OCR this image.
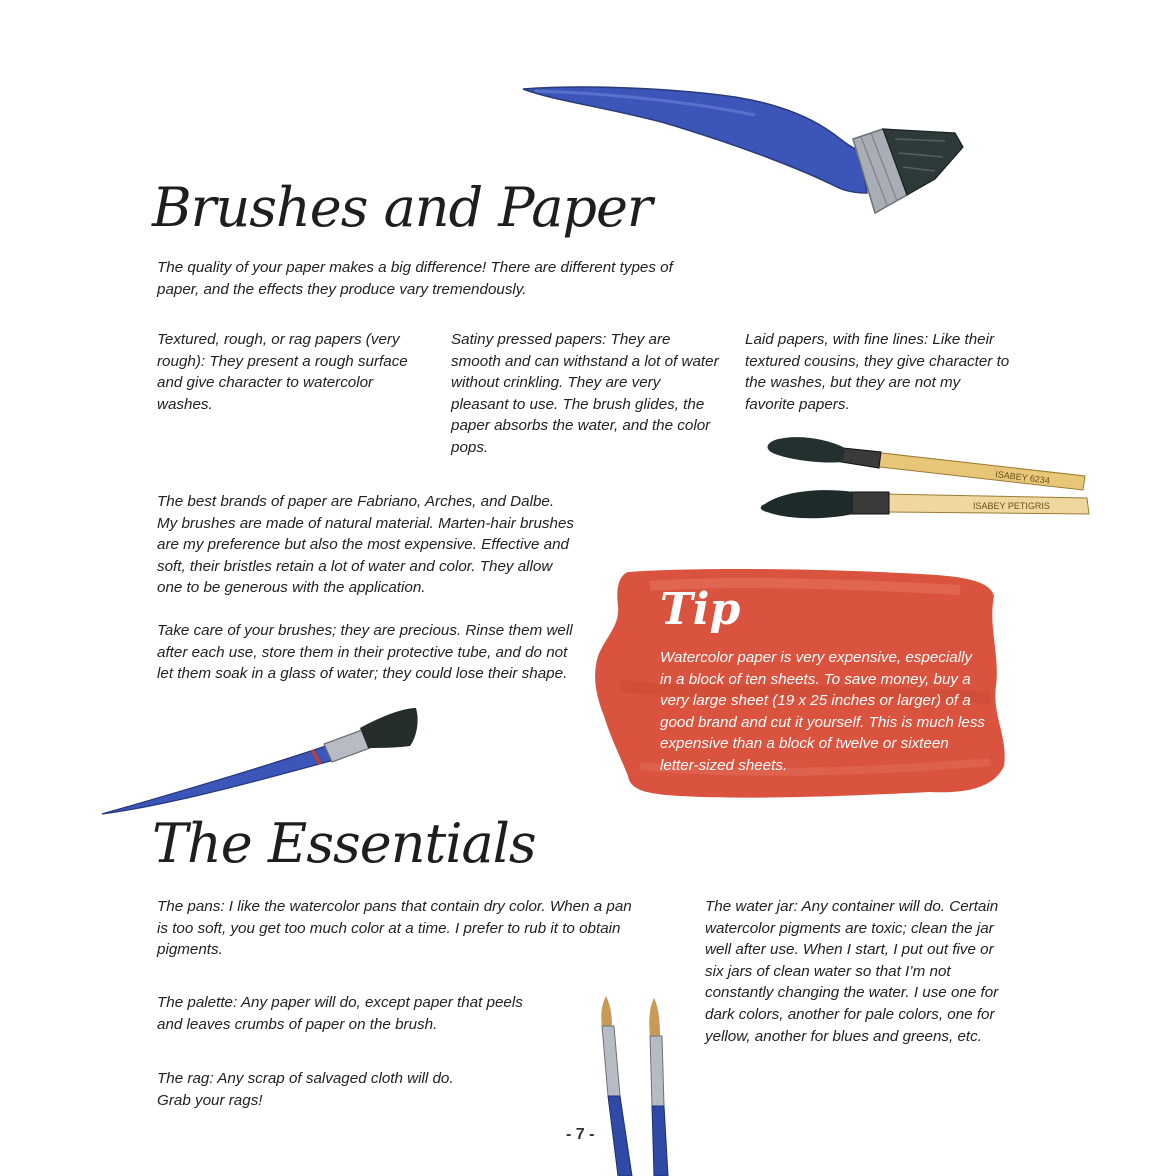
Brushes and Paper

The quality of your paper makes a big difference! There are different types of paper, and the effects they produce vary tremendously.

Textured, rough, or rag papers (very rough): They present a rough surface and give character to watercolor washes.

Satiny pressed papers: They are smooth and can withstand a lot of water without crinkling. They are very pleasant to use. The brush glides, the paper absorbs the water, and the color pops.

Laid papers, with fine lines: Like their textured cousins, they give character to the washes, but they are not my favorite papers.

ISABEY 6234
ISABEY PETIGRIS

The best brands of paper are Fabriano, Arches, and Dalbe. My brushes are made of natural material. Marten-hair brushes are my preference but also the most expensive. Effective and soft, their bristles retain a lot of water and color. They allow one to be generous with the application.

Take care of your brushes; they are precious. Rinse them well after each use, store them in their protective tube, and do not let them soak in a glass of water; they could lose their shape.

Tip

Watercolor paper is very expensive, especially in a block of ten sheets. To save money, buy a very large sheet (19 x 25 inches or larger) of a good brand and cut it yourself. This is much less expensive than a block of twelve or sixteen letter-sized sheets.

The Essentials

The pans: I like the watercolor pans that contain dry color. When a pan is too soft, you get too much color at a time. I prefer to rub it to obtain pigments.

The palette: Any paper will do, except paper that peels and leaves crumbs of paper on the brush.

The rag: Any scrap of salvaged cloth will do. Grab your rags!

The water jar: Any container will do. Certain watercolor pigments are toxic; clean the jar well after use. When I start, I put out five or six jars of clean water so that I’m not constantly changing the water. I use one for dark colors, another for pale colors, one for yellow, another for blues and greens, etc.

- 7 -
